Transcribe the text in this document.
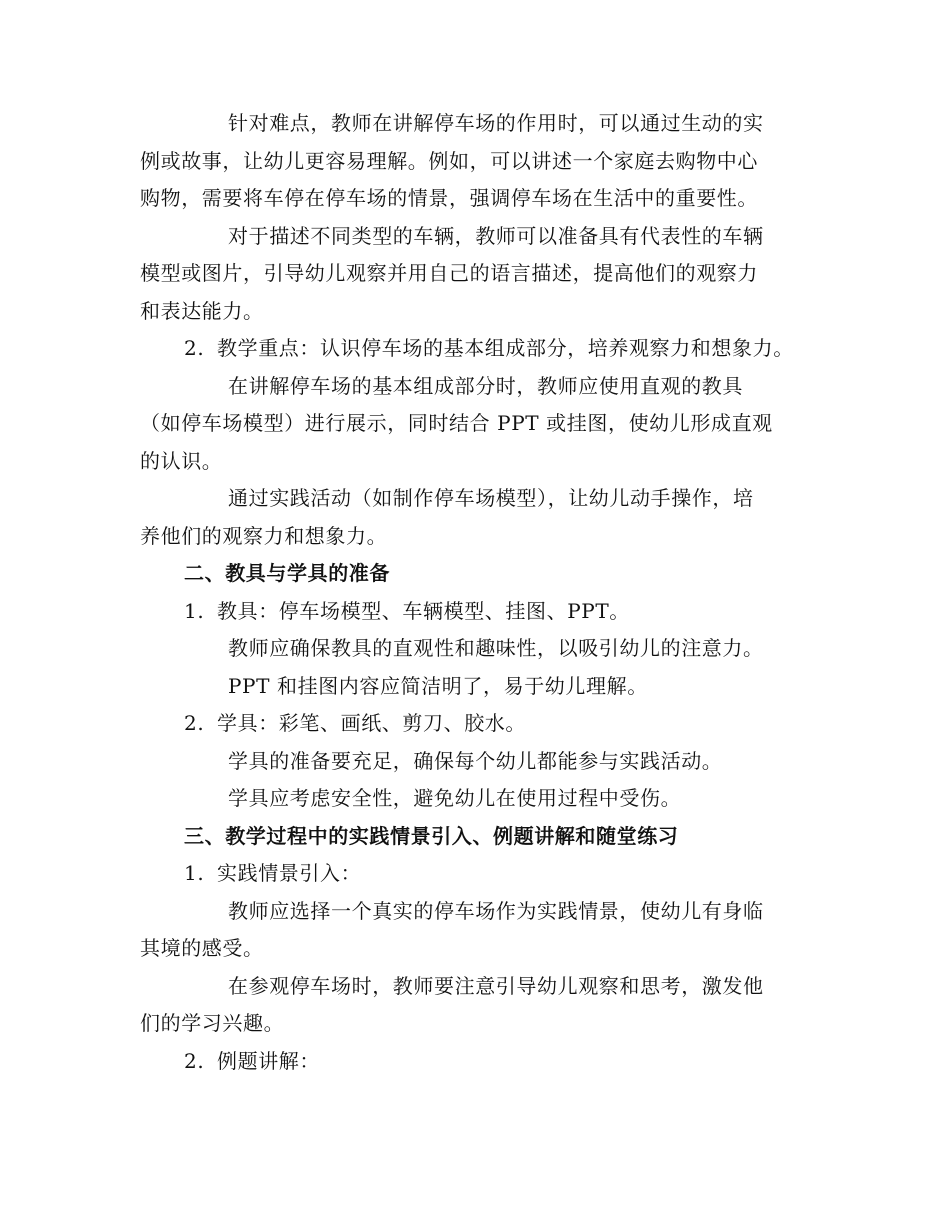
针对难点，教师在讲解停车场的作用时，可以通过生动的实

例或故事，让幼儿更容易理解。例如，可以讲述一个家庭去购物中心

购物，需要将车停在停车场的情景，强调停车场在生活中的重要性。

对于描述不同类型的车辆，教师可以准备具有代表性的车辆

模型或图片，引导幼儿观察并用自己的语言描述，提高他们的观察力

和表达能力。

2. 教学重点：认识停车场的基本组成部分，培养观察力和想象力。

在讲解停车场的基本组成部分时，教师应使用直观的教具

（如停车场模型）进行展示，同时结合 PPT 或挂图，使幼儿形成直观

的认识。

通过实践活动（如制作停车场模型），让幼儿动手操作，培

养他们的观察力和想象力。

二、教具与学具的准备

1. 教具：停车场模型、车辆模型、挂图、PPT。

教师应确保教具的直观性和趣味性，以吸引幼儿的注意力。

PPT 和挂图内容应简洁明了，易于幼儿理解。

2. 学具：彩笔、画纸、剪刀、胶水。

学具的准备要充足，确保每个幼儿都能参与实践活动。

学具应考虑安全性，避免幼儿在使用过程中受伤。

三、教学过程中的实践情景引入、例题讲解和随堂练习

1. 实践情景引入：

教师应选择一个真实的停车场作为实践情景，使幼儿有身临

其境的感受。

在参观停车场时，教师要注意引导幼儿观察和思考，激发他

们的学习兴趣。

2. 例题讲解：
